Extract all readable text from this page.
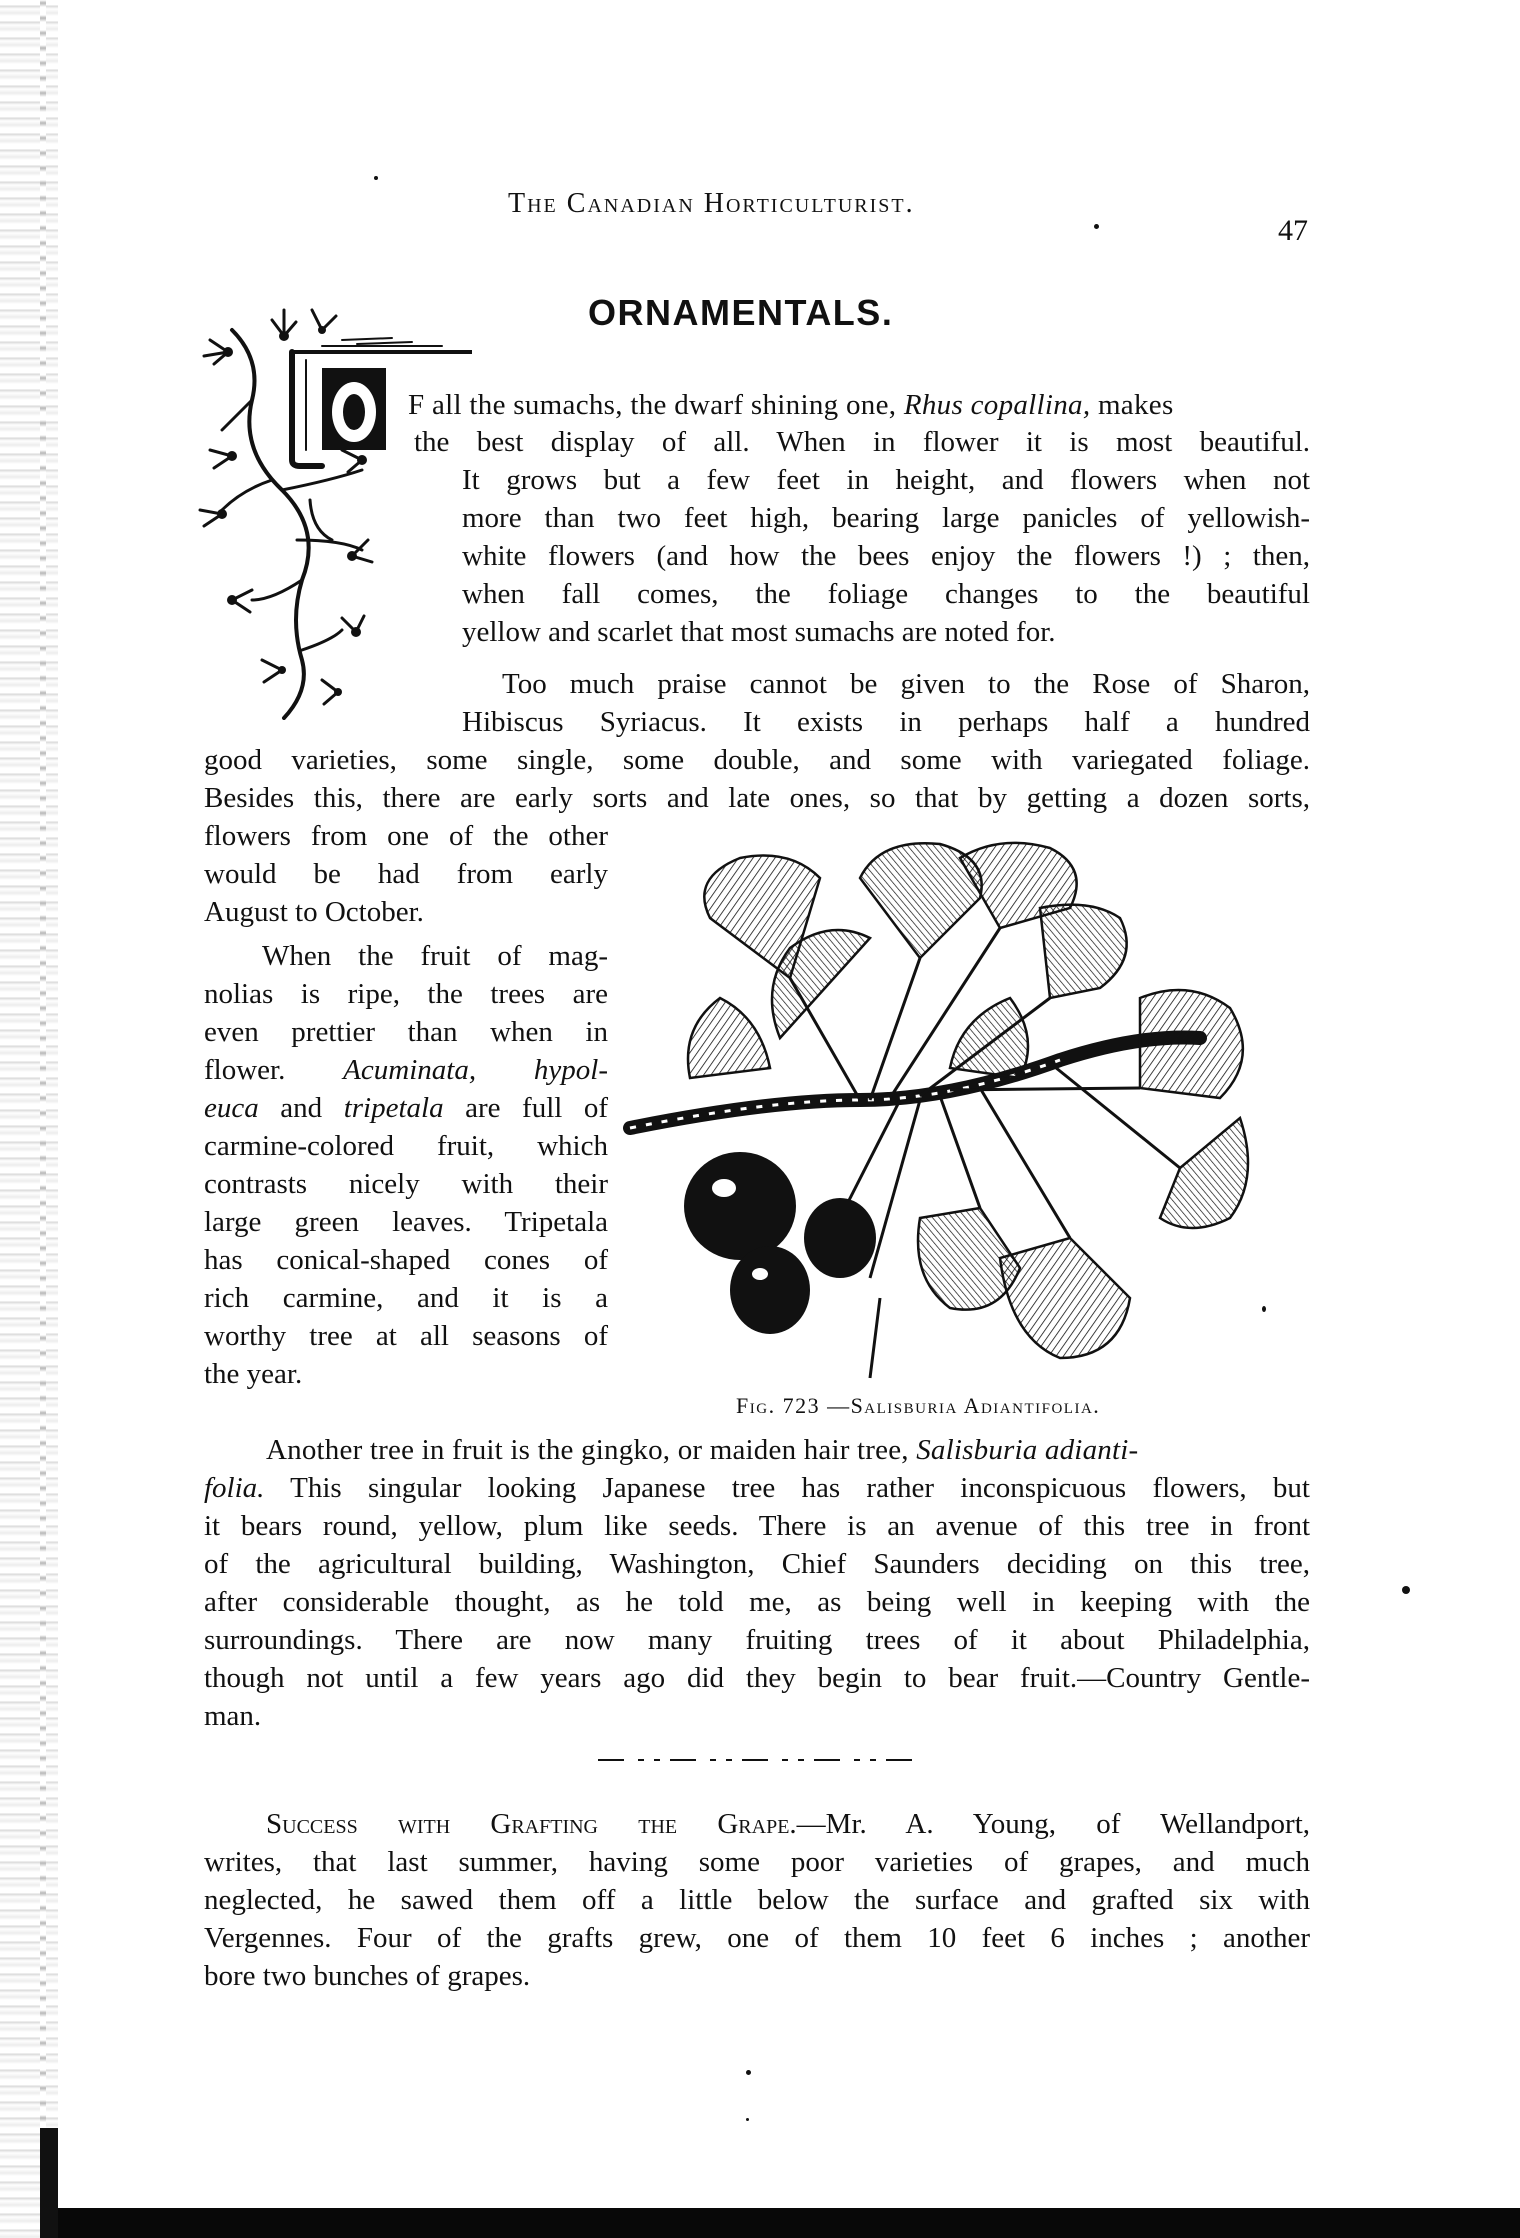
The Canadian Horticulturist.
47
ORNAMENTALS.
F all the sumachs, the dwarf shining one, Rhus copallina, makes
the best display of all. When in flower it is most beautiful.
It grows but a few feet in height, and flowers when not
more than two feet high, bearing large panicles of yellowish-
white flowers (and how the bees enjoy the flowers !) ; then,
when fall comes, the foliage changes to the beautiful
yellow and scarlet that most sumachs are noted for.
Too much praise cannot be given to the Rose of Sharon,
Hibiscus Syriacus. It exists in perhaps half a hundred
good varieties, some single, some double, and some with variegated foliage.
Besides this, there are early sorts and late ones, so that by getting a dozen sorts,
flowers from one of the other
would be had from early
August to October.
When the fruit of mag-
nolias is ripe, the trees are
even prettier than when in
flower. Acuminata, hypol-
euca and tripetala are full of
carmine-colored fruit, which
contrasts nicely with their
large green leaves. Tripetala
has conical-shaped cones of
rich carmine, and it is a
worthy tree at all seasons of
the year.
Fig. 723 —Salisburia Adiantifolia.
Another tree in fruit is the gingko, or maiden hair tree, Salisburia adianti-
folia. This singular looking Japanese tree has rather inconspicuous flowers, but
it bears round, yellow, plum like seeds. There is an avenue of this tree in front
of the agricultural building, Washington, Chief Saunders deciding on this tree,
after considerable thought, as he told me, as being well in keeping with the
surroundings. There are now many fruiting trees of it about Philadelphia,
though not until a few years ago did they begin to bear fruit.—Country Gentle-
man.
Success with Grafting the Grape.—Mr. A. Young, of Wellandport,
writes, that last summer, having some poor varieties of grapes, and much
neglected, he sawed them off a little below the surface and grafted six with
Vergennes. Four of the grafts grew, one of them 10 feet 6 inches ; another
bore two bunches of grapes.
